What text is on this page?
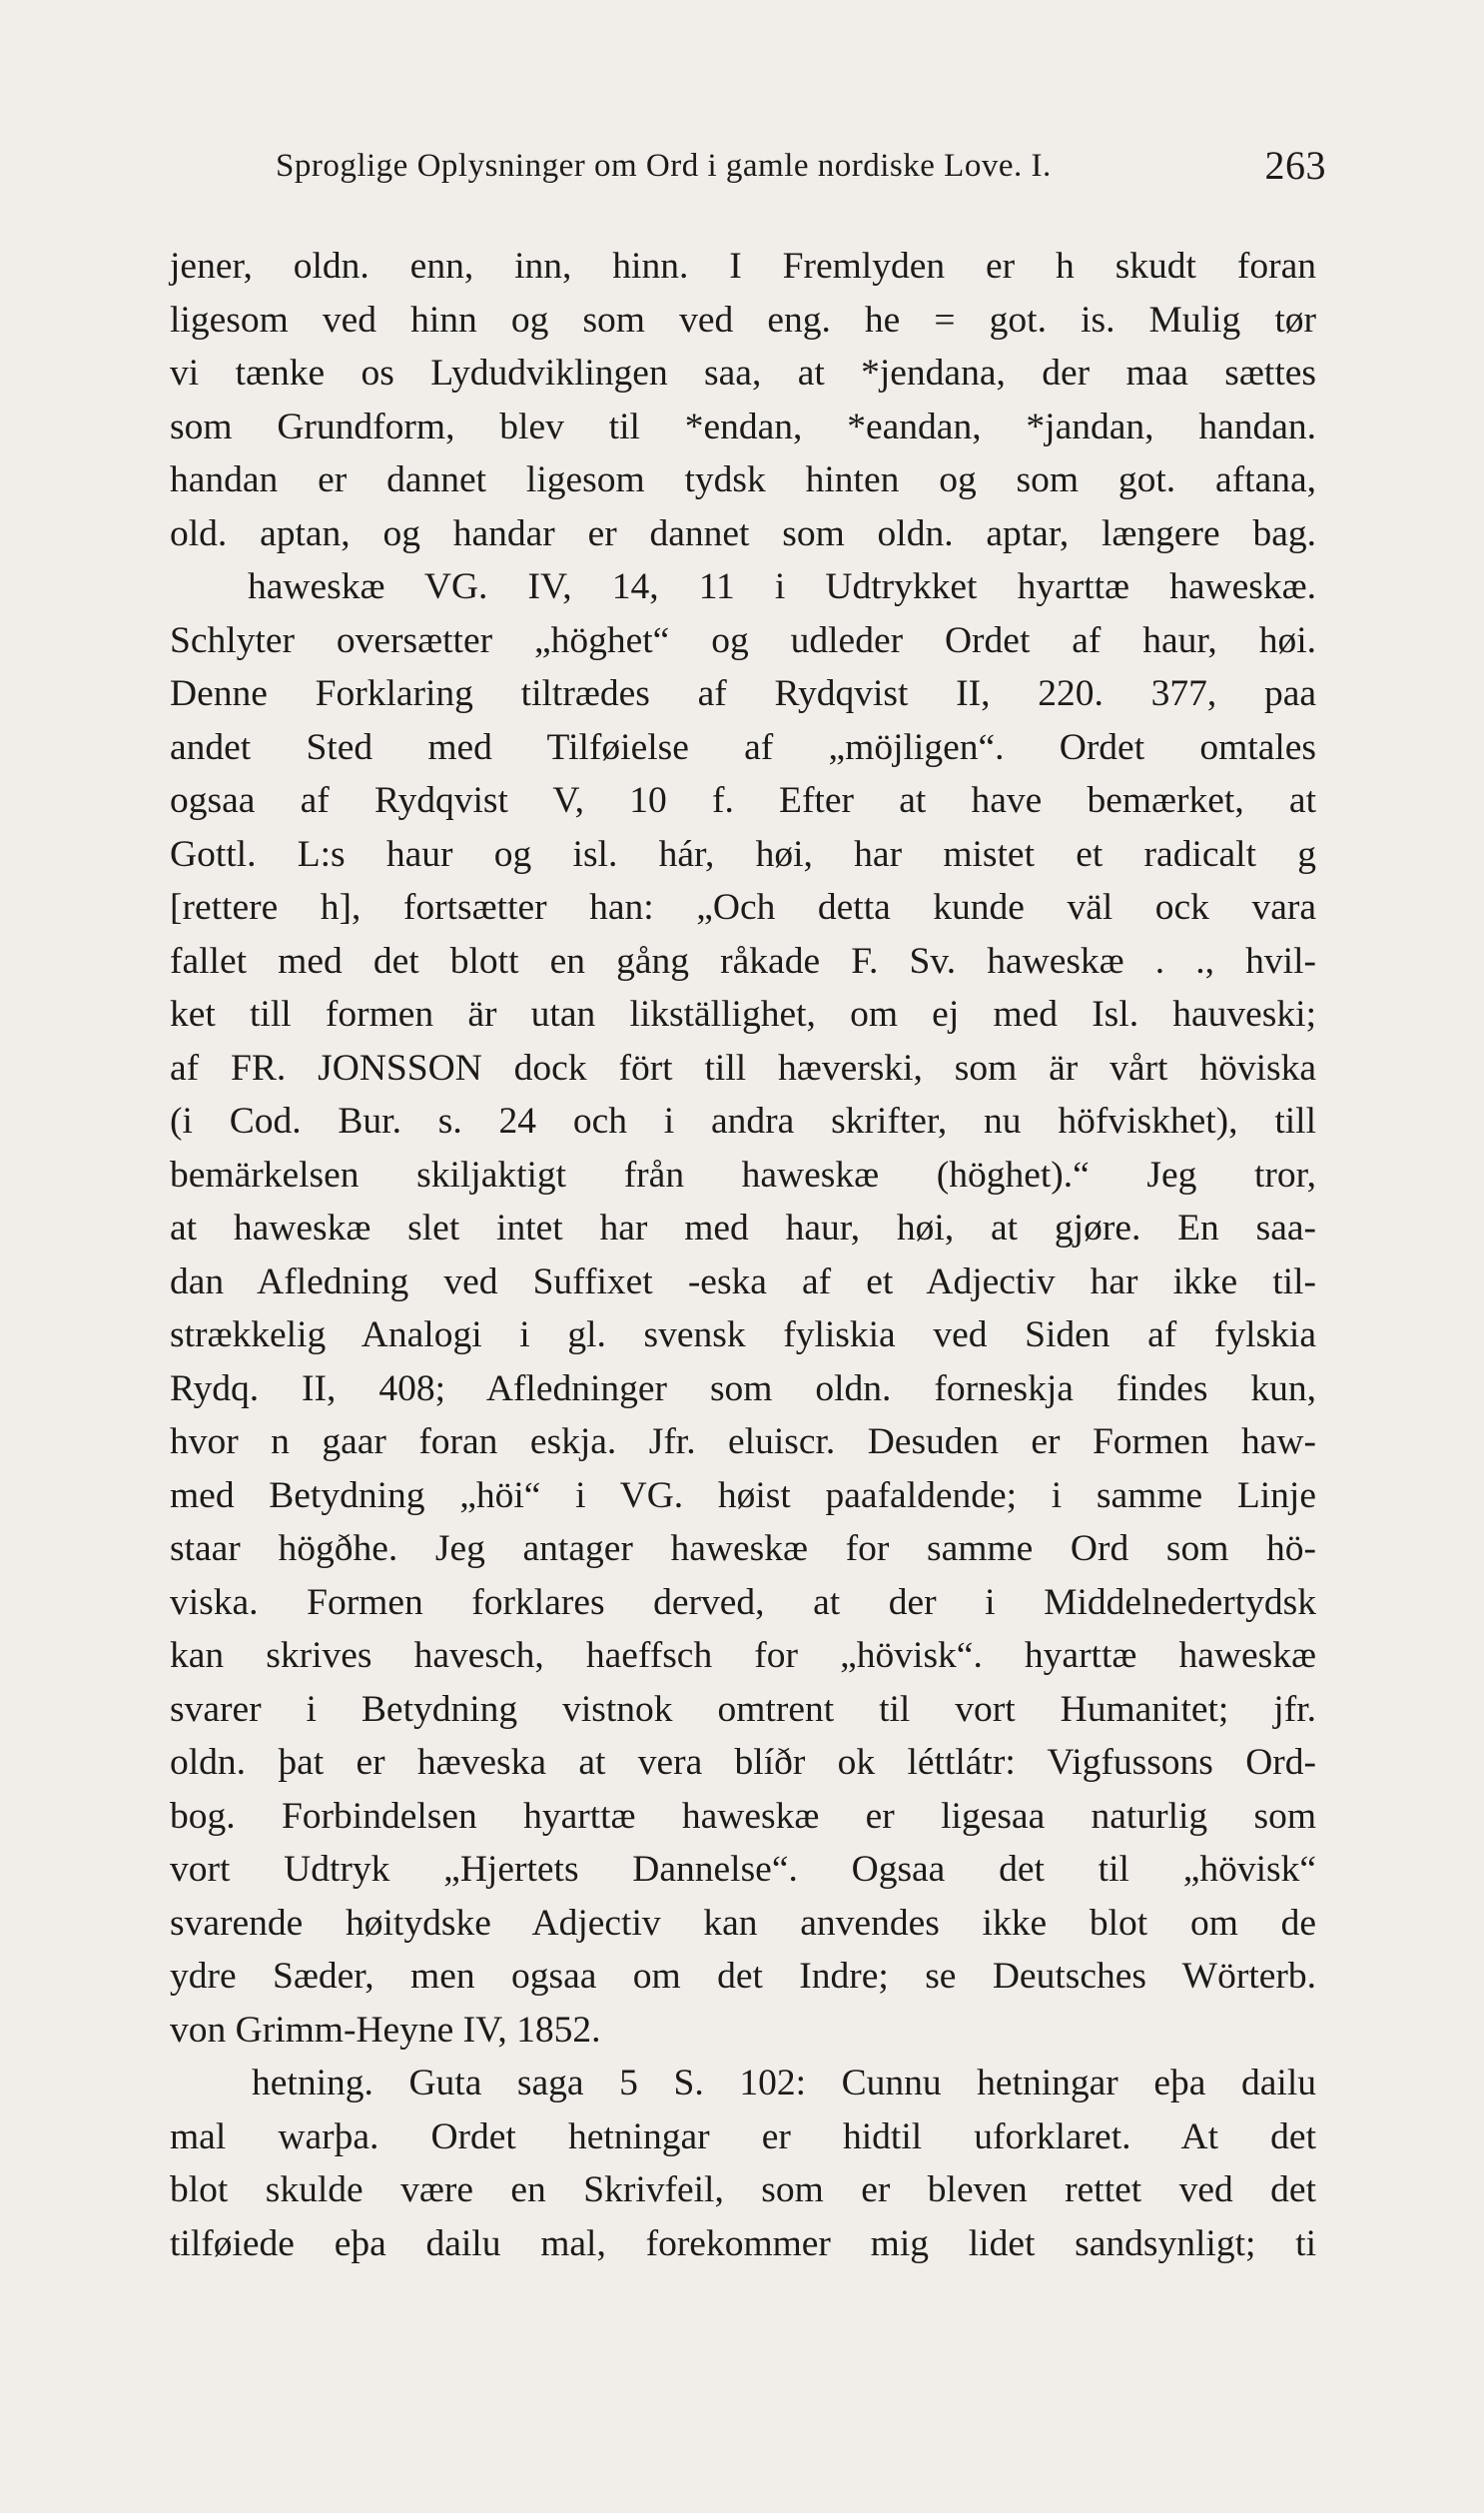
Sproglige Oplysninger om Ord i gamle nordiske Love. I.	263
jener, oldn. enn, inn, hinn. I Fremlyden er h skudt foran
ligesom ved hinn og som ved eng. he = got. is. Mulig tør
vi tænke os Lydudviklingen saa, at *jendana, der maa sættes
som Grundform, blev til *endan, *eandan, *jandan, handan.
handan er dannet ligesom tydsk hinten og som got. aftana,
old. aptan, og handar er dannet som oldn. aptar, længere bag.
haweskæ VG. IV, 14, 11 i Udtrykket hyarttæ haweskæ.
Schlyter oversætter „höghet“ og udleder Ordet af haur, høi.
Denne Forklaring tiltrædes af Rydqvist II, 220. 377, paa
andet Sted med Tilføielse af „möjligen“. Ordet omtales
ogsaa af Rydqvist V, 10 f. Efter at have bemærket, at
Gottl. L:s haur og isl. hár, høi, har mistet et radicalt g
[rettere h], fortsætter han: „Och detta kunde väl ock vara
fallet med det blott en gång råkade F. Sv. haweskæ . ., hvil-
ket till formen är utan likställighet, om ej med Isl. hauveski;
af FR. JONSSON dock fört till hæverski, som är vårt höviska
(i Cod. Bur. s. 24 och i andra skrifter, nu höfviskhet), till
bemärkelsen skiljaktigt från haweskæ (höghet).“ Jeg tror,
at haweskæ slet intet har med haur, høi, at gjøre. En saa-
dan Afledning ved Suffixet -eska af et Adjectiv har ikke til-
strækkelig Analogi i gl. svensk fyliskia ved Siden af fylskia
Rydq. II, 408; Afledninger som oldn. forneskja findes kun,
hvor n gaar foran eskja. Jfr. eluiscr. Desuden er Formen haw-
med Betydning „höi“ i VG. høist paafaldende; i samme Linje
staar högðhe. Jeg antager haweskæ for samme Ord som hö-
viska. Formen forklares derved, at der i Middelnedertydsk
kan skrives havesch, haeffsch for „hövisk“. hyarttæ haweskæ
svarer i Betydning vistnok omtrent til vort Humanitet; jfr.
oldn. þat er hæveska at vera blíðr ok léttlátr: Vigfussons Ord-
bog. Forbindelsen hyarttæ haweskæ er ligesaa naturlig som
vort Udtryk „Hjertets Dannelse“. Ogsaa det til „hövisk“
svarende høitydske Adjectiv kan anvendes ikke blot om de
ydre Sæder, men ogsaa om det Indre; se Deutsches Wörterb.
von Grimm-Heyne IV, 1852.
hetning. Guta saga 5 S. 102: Cunnu hetningar eþa dailu
mal warþa. Ordet hetningar er hidtil uforklaret. At det
blot skulde være en Skrivfeil, som er bleven rettet ved det
tilføiede eþa dailu mal, forekommer mig lidet sandsynligt; ti
